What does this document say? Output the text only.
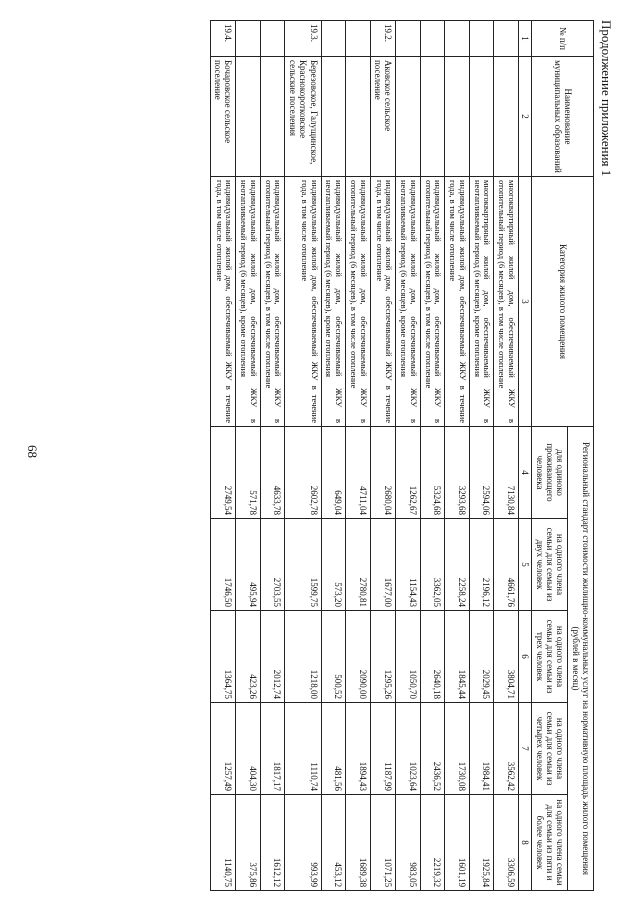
68
Продолжение приложения 1
№ п/п	Наименование муниципальных образований	Категория жилого помещения	Региональный стандарт стоимости жилищно-коммунальных услуг на нормативную площадь жилого помещения (рублей в месяц)				
			для одиноко проживающего человека	на одного члена семьи для семьи из двух человек	на одного члена семьи для семьи из трех человек	на одного члена семьи для семьи из четырех человек	на одного члена семьи для семьи из пяти и более человек
1	2	3	4	5	6	7	8
		многоквартирный жилой дом, обеспечиваемый ЖКУ в отопительный период (6 месяцев), в том числе отопление	7130,84	4661,76	3804,71	3562,42	3306,59
		многоквартирный жилой дом, обеспечиваемый ЖКУ в неотапливаемый период (6 месяцев), кроме отопления	2594,06	2196,12	2029,45	1984,41	1925,84
		индивидуальный жилой дом, обеспечиваемый ЖКУ в течение года, в том числе отопление	3293,68	2258,24	1845,44	1730,08	1601,19
		индивидуальный жилой дом, обеспечиваемый ЖКУ в отопительный период (6 месяцев), в том числе отопление	5324,68	3362,05	2640,18	2436,52	2219,32
		индивидуальный жилой дом, обеспечиваемый ЖКУ в неотапливаемый период (6 месяцев), кроме отопления	1262,67	1154,43	1050,70	1023,64	983,05
19.2.	Аковское сельское поселение	индивидуальный жилой дом, обеспечиваемый ЖКУ в течение года, в том числе отопление	2680,04	1677,00	1295,26	1187,99	1071,25
		индивидуальный жилой дом, обеспечиваемый ЖКУ в отопительный период (6 месяцев), в том числе отопление	4711,04	2780,81	2090,00	1894,43	1689,38
		индивидуальный жилой дом, обеспечиваемый ЖКУ в неотапливаемый период (6 месяцев), кроме отопления	649,04	573,20	500,52	481,56	453,12
19.3.	Березовское, Галущинское, Краснокоротковское сельские поселения	индивидуальный жилой дом, обеспечиваемый ЖКУ в течение года, в том числе отопление	2602,78	1599,75	1218,00	1110,74	993,99
		индивидуальный жилой дом, обеспечиваемый ЖКУ в отопительный период (6 месяцев), в том числе отопление	4633,78	2703,55	2012,74	1817,17	1612,12
		индивидуальный жилой дом, обеспечиваемый ЖКУ в неотапливаемый период (6 месяцев), кроме отопления	571,78	495,94	423,26	404,30	375,86
19.4.	Бочаровское сельское поселение	индивидуальный жилой дом, обеспечиваемый ЖКУ в течение года, в том числе отопление	2749,54	1746,50	1364,75	1257,49	1140,75
